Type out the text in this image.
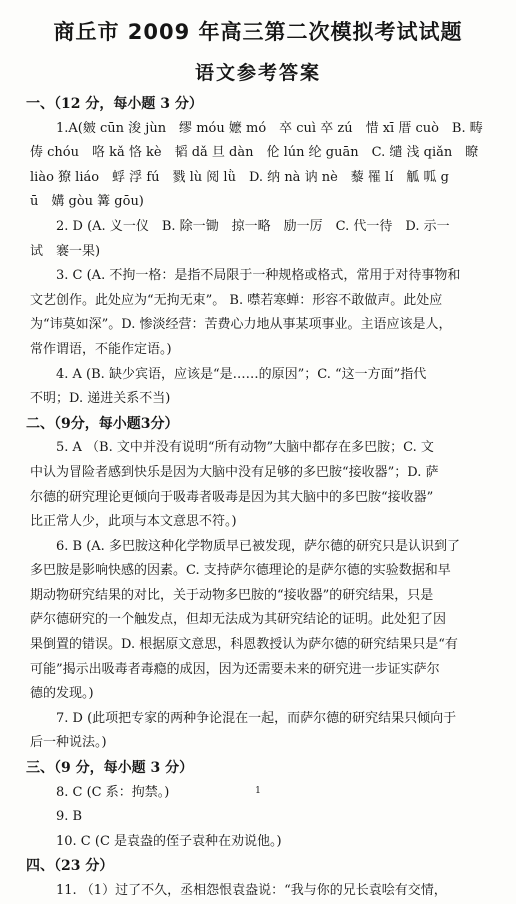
商丘市 2009 年高三第二次模拟考试试题
语文参考答案

一、（12 分，每小题 3 分）

1.A(皴 cūn 浚 jùn　缪 móu 嬷 mó　卒 cuì 卒 zú　惜 xī 厝 cuò　B. 畴

俦 chóu　咯 kǎ 恪 kè　韬 dǎ 旦 dàn　伦 lún 纶 guān　C. 缱 浅 qiǎn　瞭

liào 獠 liáo　蜉 浮 fú　戮 lù 阅 lǜ　D. 纳 nà 讷 nè　藜 罹 lí　觚 呱 g

ū　媾 gòu 篝 gōu)

2. D (A. 义一仪　B. 除一锄　掠一略　励一厉　C. 代一待　D. 示一

试　褰一果)

3. C (A. 不拘一格：是指不局限于一种规格或格式，常用于对待事物和

文艺创作。此处应为“无拘无束”。 B. 噤若寒蝉：形容不敢做声。此处应

为“讳莫如深”。D. 惨淡经营：苦费心力地从事某项事业。主语应该是人，

常作谓语，不能作定语。)

4. A (B. 缺少宾语，应该是“是……的原因”；C. “这一方面”指代

不明；D. 递进关系不当)

二、（9分，每小题3分）

5. A （B. 文中并没有说明“所有动物”大脑中都存在多巴胺；C. 文

中认为冒险者感到快乐是因为大脑中没有足够的多巴胺“接收器”；D. 萨

尔德的研究理论更倾向于吸毒者吸毒是因为其大脑中的多巴胺“接收器”

比正常人少，此项与本文意思不符。)

6. B (A. 多巴胺这种化学物质早已被发现，萨尔德的研究只是认识到了

多巴胺是影响快感的因素。C. 支持萨尔德理论的是萨尔德的实验数据和早

期动物研究结果的对比，关于动物多巴胺的“接收器”的研究结果，只是

萨尔德研究的一个触发点，但却无法成为其研究结论的证明。此处犯了因

果倒置的错误。D. 根据原文意思，科恩教授认为萨尔德的研究结果只是“有

可能”揭示出吸毒者毒瘾的成因，因为还需要未来的研究进一步证实萨尔

德的发现。)

7. D (此项把专家的两种争论混在一起，而萨尔德的研究结果只倾向于

后一种说法。)

三、（9 分，每小题 3 分）

8. C (C 系：拘禁。)

9. B

10. C (C 是袁盎的侄子袁种在劝说他。)

四、（23 分）

11. （1）过了不久，丞相怨恨袁盎说：“我与你的兄长袁哙有交情，

1
